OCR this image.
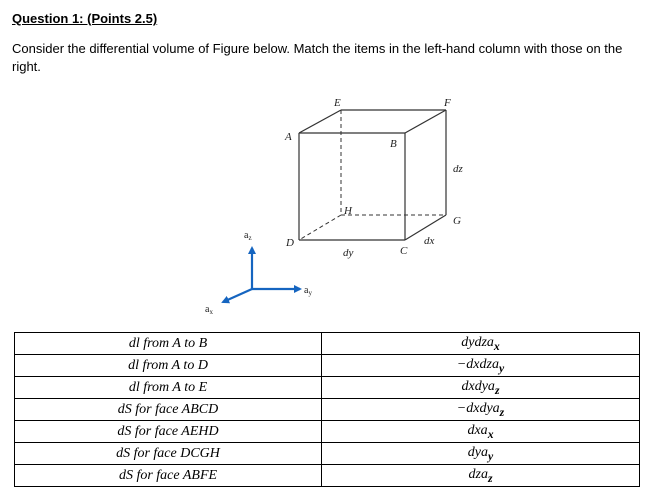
Question 1: (Points 2.5)
Consider the differential volume of Figure below. Match the items in the left-hand column with those on the right.
E	F
A
B
H
G
D
C
dz
dy
dx
$a_z$
$a_y$
$a_x$
dl from A to B	dydza$_x$
dl from A to D	−dxdza$_y$
dl from A to E	dxdya$_z$
dS for face ABCD	−dxdya$_z$
dS for face AEHD	dxa$_x$
dS for face DCGH	dya$_y$
dS for face ABFE	dza$_z$
